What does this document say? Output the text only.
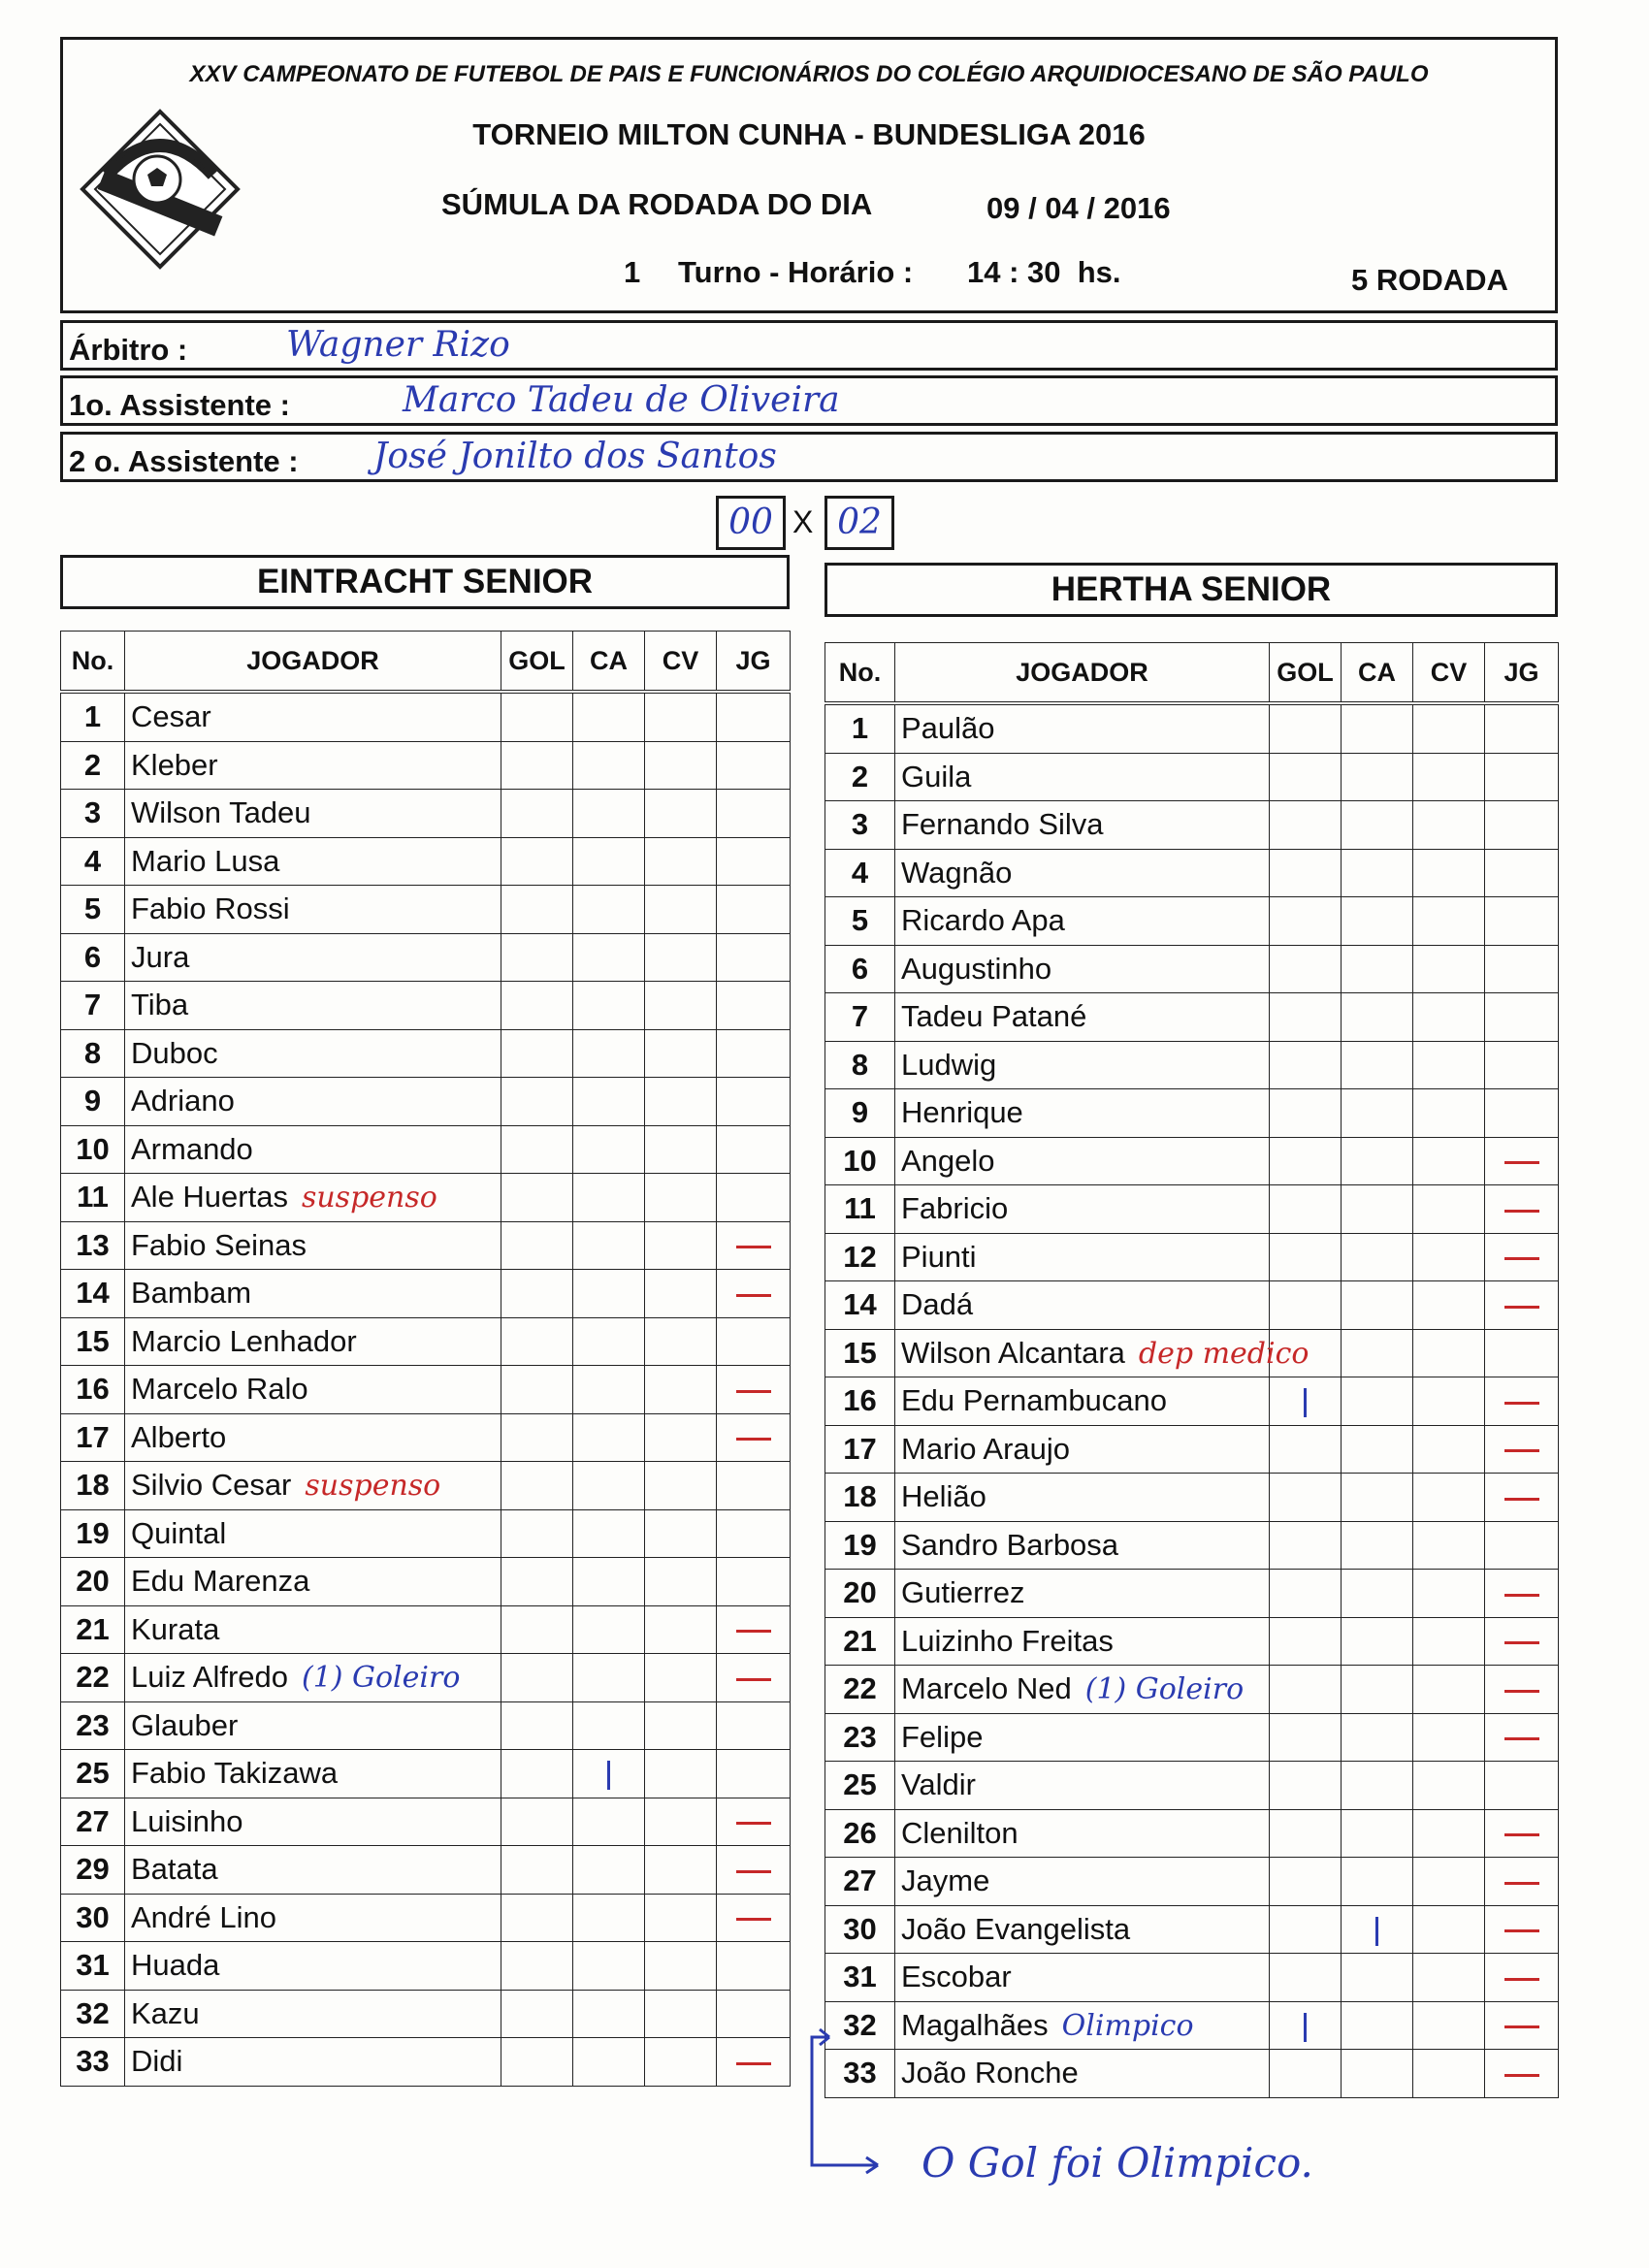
XXV CAMPEONATO DE FUTEBOL DE PAIS E FUNCIONÁRIOS DO COLÉGIO ARQUIDIOCESANO DE SÃO PAULO
TORNEIO MILTON CUNHA - BUNDESLIGA 2016
SÚMULA DA RODADA DO DIA	09 / 04 / 2016
1 Turno - Horário : 14 : 30  hs.	5 RODADA
Árbitro :	Wagner Rizo
1o. Assistente :	Marco Tadeu de Oliveira
2 o. Assistente : José Jonilto dos Santos
00 X 02
EINTRACHT SENIOR	HERTHA SENIOR
No.	JOGADOR	GOL	CA	CV	JG
1	Cesar				
2	Kleber				
3	Wilson Tadeu				
4	Mario Lusa				
5	Fabio Rossi				
6	Jura				
7	Tiba				
8	Duboc				
9	Adriano				
10	Armando				
11	Ale Huertas suspenso				
13	Fabio Seinas				
14	Bambam				
15	Marcio Lenhador				
16	Marcelo Ralo				
17	Alberto				
18	Silvio Cesar suspenso				
19	Quintal				
20	Edu Marenza				
21	Kurata				
22	Luiz Alfredo (1) Goleiro				
23	Glauber				
25	Fabio Takizawa				
27	Luisinho				
29	Batata				
30	André Lino				
31	Huada				
32	Kazu				
33	Didi				
No.	JOGADOR	GOL	CA	CV	JG
1	Paulão				
2	Guila				
3	Fernando Silva				
4	Wagnão				
5	Ricardo Apa				
6	Augustinho				
7	Tadeu Patané				
8	Ludwig				
9	Henrique				
10	Angelo				
11	Fabricio				
12	Piunti				
14	Dadá				
15	Wilson Alcantara dep medico				
16	Edu Pernambucano				
17	Mario Araujo				
18	Helião				
19	Sandro Barbosa				
20	Gutierrez				
21	Luizinho Freitas				
22	Marcelo Ned (1) Goleiro				
23	Felipe				
25	Valdir				
26	Clenilton				
27	Jayme				
30	João Evangelista				
31	Escobar				
32	Magalhães Olimpico				
33	João Ronche				
O Gol foi Olimpico.
